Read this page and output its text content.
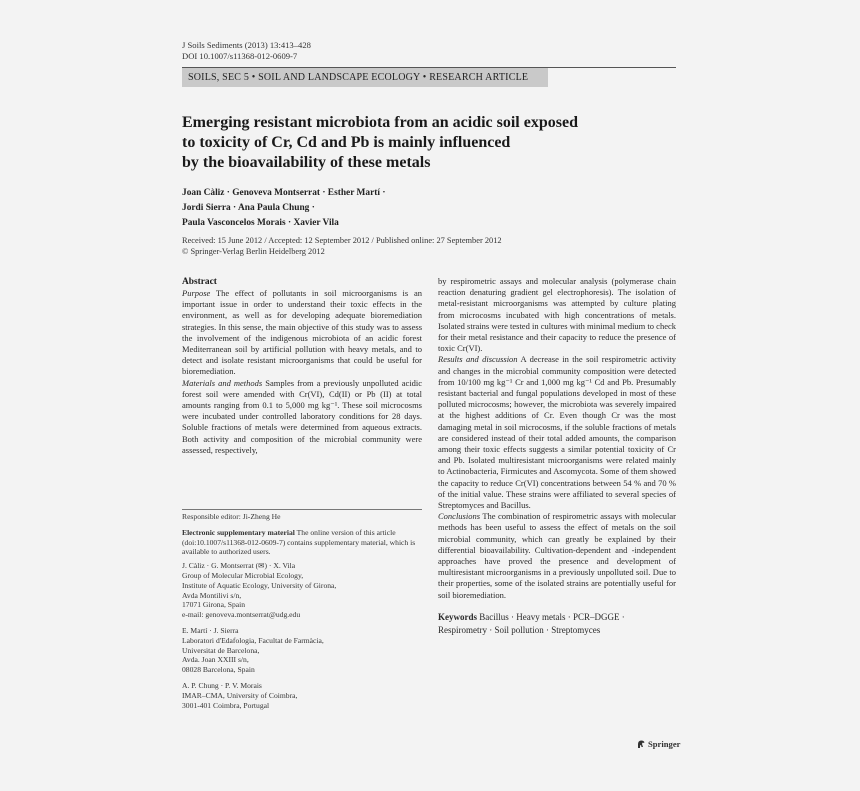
J Soils Sediments (2013) 13:413–428
DOI 10.1007/s11368-012-0609-7
SOILS, SEC 5 • SOIL AND LANDSCAPE ECOLOGY • RESEARCH ARTICLE
Emerging resistant microbiota from an acidic soil exposed
to toxicity of Cr, Cd and Pb is mainly influenced
by the bioavailability of these metals
Joan Càliz · Genoveva Montserrat · Esther Martí ·
Jordi Sierra · Ana Paula Chung ·
Paula Vasconcelos Morais · Xavier Vila
Received: 15 June 2012 / Accepted: 12 September 2012 / Published online: 27 September 2012
© Springer-Verlag Berlin Heidelberg 2012
Abstract
Purpose The effect of pollutants in soil microorganisms is an important issue in order to understand their toxic effects in the environment, as well as for developing adequate bioremediation strategies. In this sense, the main objective of this study was to assess the involvement of the indigenous microbiota of an acidic forest Mediterranean soil by artificial pollution with heavy metals, and to detect and isolate resistant microorganisms that could be useful for bioremediation.
Materials and methods Samples from a previously unpolluted acidic forest soil were amended with Cr(VI), Cd(II) or Pb (II) at total amounts ranging from 0.1 to 5,000 mg kg⁻¹. These soil microcosms were incubated under controlled laboratory conditions for 28 days. Soluble fractions of metals were determined from aqueous extracts. Both activity and composition of the microbial community were assessed, respectively,
Responsible editor: Ji-Zheng He
Electronic supplementary material The online version of this article (doi:10.1007/s11368-012-0609-7) contains supplementary material, which is available to authorized users.
J. Càliz · G. Montserrat (✉) · X. Vila
Group of Molecular Microbial Ecology,
Institute of Aquatic Ecology, University of Girona,
Avda Montilivi s/n,
17071 Girona, Spain
e-mail: genoveva.montserrat@udg.edu
E. Martí · J. Sierra
Laboratori d'Edafologia, Facultat de Farmàcia,
Universitat de Barcelona,
Avda. Joan XXIII s/n,
08028 Barcelona, Spain
A. P. Chung · P. V. Morais
IMAR–CMA, University of Coimbra,
3001-401 Coimbra, Portugal
by respirometric assays and molecular analysis (polymerase chain reaction denaturing gradient gel electrophoresis). The isolation of metal-resistant microorganisms was attempted by culture plating from microcosms incubated with high concentrations of metals. Isolated strains were tested in cultures with minimal medium to check for their metal resistance and their capacity to reduce the presence of toxic Cr(VI).
Results and discussion A decrease in the soil respirometric activity and changes in the microbial community composition were detected from 10/100 mg kg⁻¹ Cr and 1,000 mg kg⁻¹ Cd and Pb. Presumably resistant bacterial and fungal populations developed in most of these polluted microcosms; however, the microbiota was severely impaired at the highest additions of Cr. Even though Cr was the most damaging metal in soil microcosms, if the soluble fractions of metals are considered instead of their total added amounts, the comparison among their toxic effects suggests a similar potential toxicity of Cr and Pb. Isolated multiresistant microorganisms were related mainly to Actinobacteria, Firmicutes and Ascomycota. Some of them showed the capacity to reduce Cr(VI) concentrations between 54 % and 70 % of the initial value. These strains were affiliated to several species of Streptomyces and Bacillus.
Conclusions The combination of respirometric assays with molecular methods has been useful to assess the effect of metals on the soil microbial community, which can greatly be explained by their differential bioavailability. Cultivation-dependent and -independent approaches have proved the presence and development of multiresistant microorganisms in a previously unpolluted soil. Due to their properties, some of the isolated strains are potentially useful for soil bioremediation.
Keywords Bacillus · Heavy metals · PCR–DGGE ·
Respirometry · Soil pollution · Streptomyces
Springer
